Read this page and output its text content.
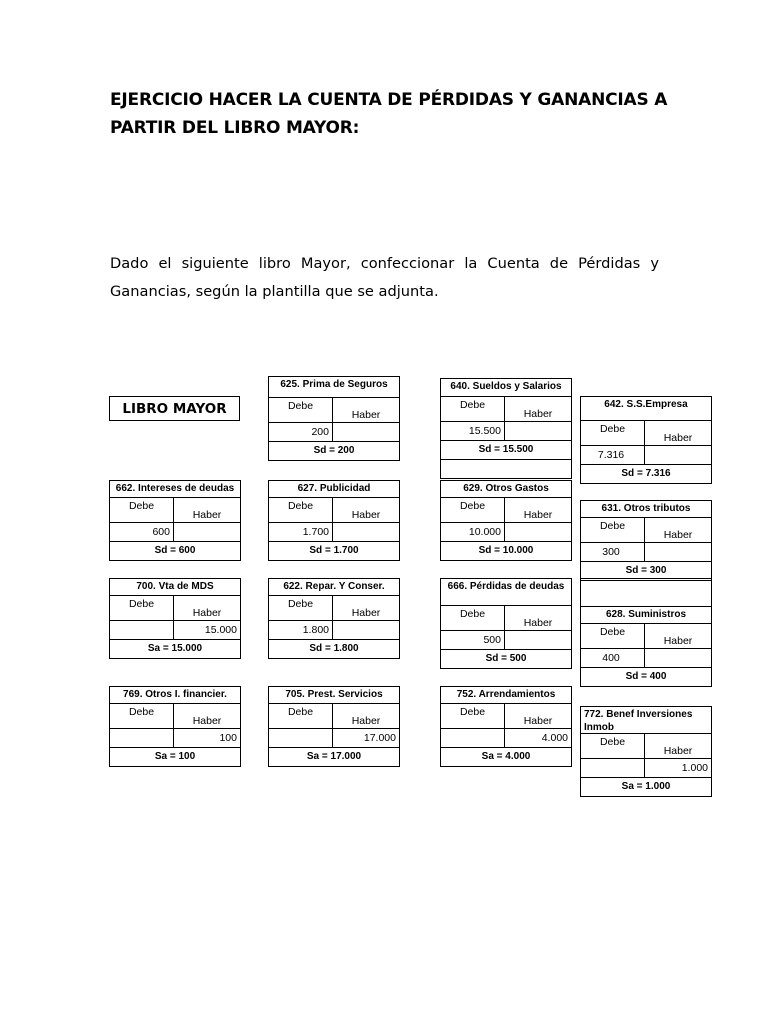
EJERCICIO HACER LA CUENTA DE PÉRDIDAS Y GANANCIAS A PARTIR DEL LIBRO MAYOR:
Dado el siguiente libro Mayor, confeccionar la Cuenta de Pérdidas y Ganancias, según la plantilla que se adjunta.
LIBRO MAYOR
625. Prima de Seguros
Debe
Haber
200
Sd = 200
640. Sueldos y Salarios
Debe
Haber
15.500
Sd = 15.500
642. S.S.Empresa
Debe
Haber
7.316
Sd = 7.316
662. Intereses de deudas
Debe
Haber
600
Sd = 600
627. Publicidad
Debe
Haber
1.700
Sd = 1.700
629. Otros Gastos
Debe
Haber
10.000
Sd = 10.000
631. Otros tributos
Debe
Haber
300
Sd = 300
700. Vta de MDS
Debe
Haber
15.000
Sa = 15.000
622. Repar. Y Conser.
Debe
Haber
1.800
Sd = 1.800
666. Pérdidas de deudas
Debe
Haber
500
Sd = 500
628. Suministros
Debe
Haber
400
Sd = 400
769. Otros I. financier.
Debe
Haber
100
Sa = 100
705. Prest. Servicios
Debe
Haber
17.000
Sa = 17.000
752. Arrendamientos
Debe
Haber
4.000
Sa = 4.000
772. Benef Inversiones Inmob
Debe
Haber
1.000
Sa = 1.000
